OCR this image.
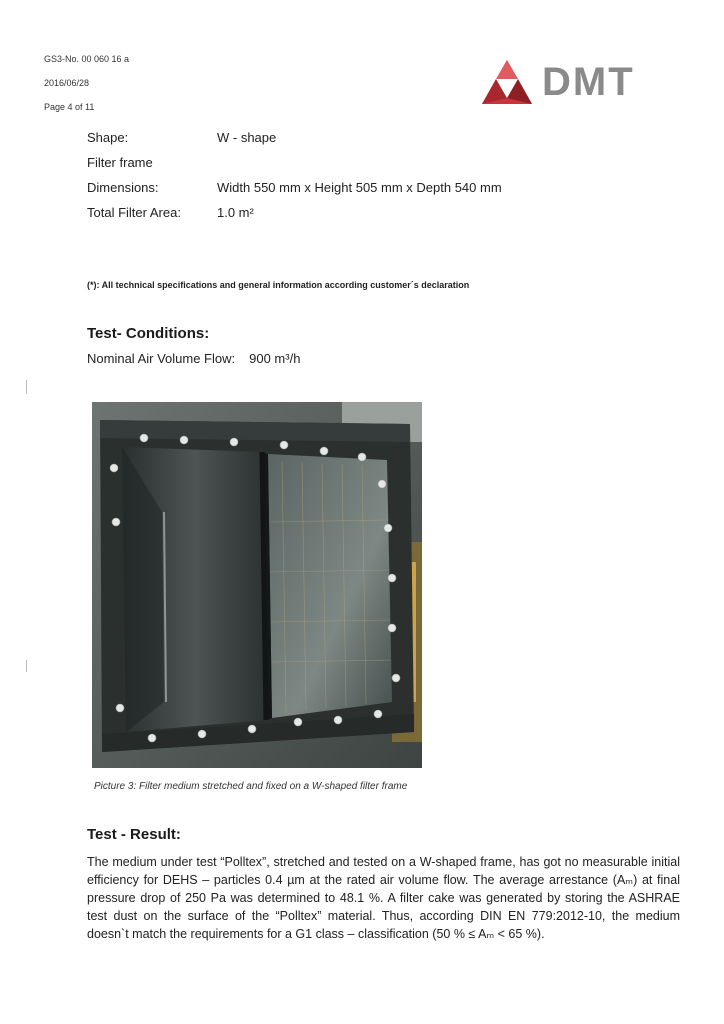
GS3-No. 00 060 16 a
2016/06/28
Page 4 of 11
DMT
Shape:	W - shape
Filter frame
Dimensions:	Width 550 mm x Height 505 mm x Depth 540 mm
Total Filter Area:	1.0 m²
(*): All technical specifications and general information according customer´s declaration
Test- Conditions:
Nominal Air Volume Flow: 900 m³/h
Picture 3: Filter medium stretched and fixed on a W-shaped filter frame
Test - Result:
The medium under test “Polltex”, stretched and tested on a W-shaped frame, has got no measurable initial efficiency for DEHS – particles 0.4 µm at the rated air volume flow. The average arrestance (Aₘ) at final pressure drop of 250 Pa was determined to 48.1 %. A filter cake was generated by storing the ASHRAE test dust on the surface of the “Polltex” material. Thus, according DIN EN 779:2012-10, the medium doesn`t match the requirements for a G1 class – classification (50 % ≤ Aₘ < 65 %).
